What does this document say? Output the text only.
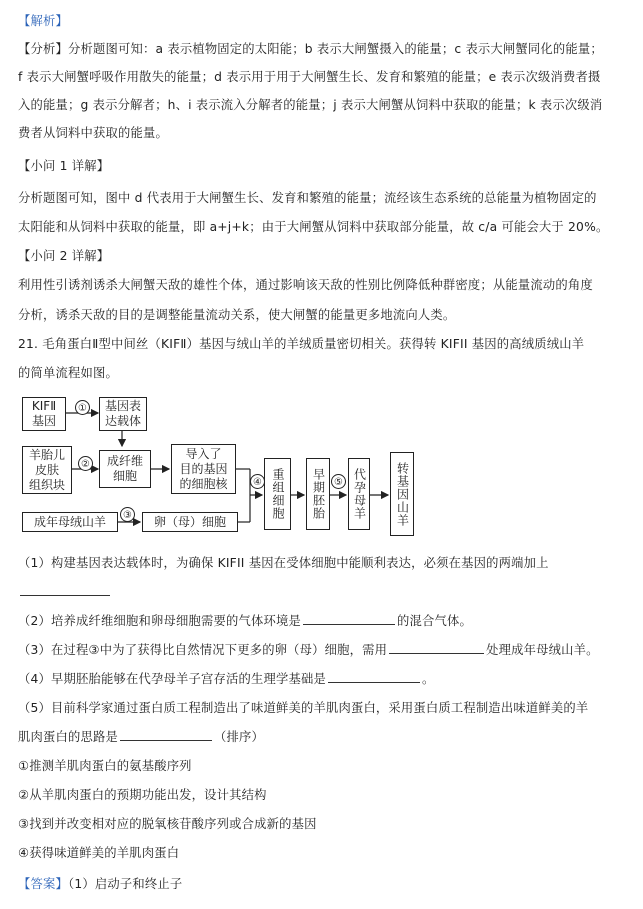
【解析】
【分析】分析题图可知：a 表示植物固定的太阳能；b 表示大闸蟹摄入的能量；c 表示大闸蟹同化的能量；
f 表示大闸蟹呼吸作用散失的能量；d 表示用于用于大闸蟹生长、发育和繁殖的能量；e 表示次级消费者摄
入的能量；g 表示分解者；h、i 表示流入分解者的能量；j 表示大闸蟹从饲料中获取的能量；k 表示次级消
费者从饲料中获取的能量。
【小问 1 详解】
分析题图可知，图中 d 代表用于大闸蟹生长、发育和繁殖的能量；流经该生态系统的总能量为植物固定的
太阳能和从饲料中获取的能量，即 a+j+k；由于大闸蟹从饲料中获取部分能量，故 c/a 可能会大于 20%。
【小问 2 详解】
利用性引诱剂诱杀大闸蟹天敌的雄性个体，通过影响该天敌的性别比例降低种群密度；从能量流动的角度
分析，诱杀天敌的目的是调整能量流动关系，使大闸蟹的能量更多地流向人类。
21. 毛角蛋白Ⅱ型中间丝（KIFⅡ）基因与绒山羊的羊绒质量密切相关。获得转 KIFII 基因的高绒质绒山羊
的简单流程如图。
KIFⅡ
基因
①	基因表
达载体
羊胎儿
皮肤
组织块
②	成纤维
细胞
导入了
目的基因
的细胞核
成年母绒山羊	③	卵（母）细胞
④ 重组细胞	早期胚胎 ⑤ 代孕母羊	转基因山羊
（1）构建基因表达载体时，为确保 KIFII 基因在受体细胞中能顺利表达，必须在基因的两端加上
（2）培养成纤维细胞和卵母细胞需要的气体环境是	的混合气体。
（3）在过程③中为了获得比自然情况下更多的卵（母）细胞，需用	处理成年母绒山羊。
（4）早期胚胎能够在代孕母羊子宫存活的生理学基础是	。
（5）目前科学家通过蛋白质工程制造出了味道鲜美的羊肌肉蛋白，采用蛋白质工程制造出味道鲜美的羊
肌肉蛋白的思路是	（排序）
①推测羊肌肉蛋白的氨基酸序列
②从羊肌肉蛋白的预期功能出发，设计其结构
③找到并改变相对应的脱氧核苷酸序列或合成新的基因
④获得味道鲜美的羊肌肉蛋白
【答案】（1）启动子和终止子
